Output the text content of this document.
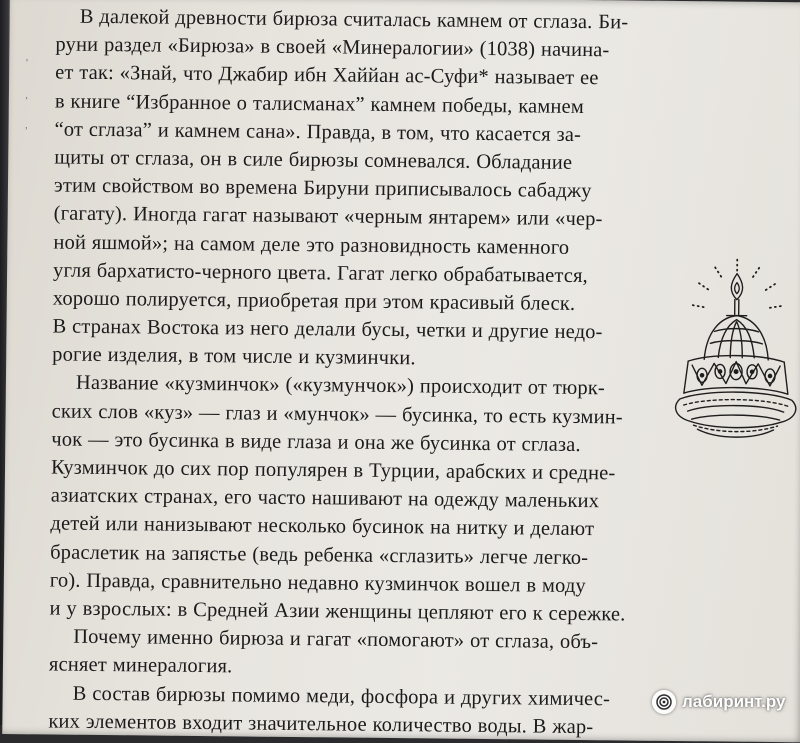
‚
‚
‚
В далекой древности бирюза считалась камнем от сглаза. Би-
руни раздел «Бирюза» в своей «Минералогии» (1038) начина-
ет так: «Знай, что Джабир ибн Хаййан ас-Суфи* называет ее
в книге “Избранное о талисманах” камнем победы, камнем
“от сглаза” и камнем сана». Правда, в том, что касается за-
щиты от сглаза, он в силе бирюзы сомневался. Обладание
этим свойством во времена Бируни приписывалось сабаджу
(гагату). Иногда гагат называют «черным янтарем» или «чер-
ной яшмой»; на самом деле это разновидность каменного
угля бархатисто-черного цвета. Гагат легко обрабатывается,
хорошо полируется, приобретая при этом красивый блеск.
В странах Востока из него делали бусы, четки и другие недо-
рогие изделия, в том числе и кузминчки.
Название «кузминчок» («кузмунчок») происходит от тюрк-
ских слов «куз» — глаз и «мунчок» — бусинка, то есть кузмин-
чок — это бусинка в виде глаза и она же бусинка от сглаза.
Кузминчок до сих пор популярен в Турции, арабских и средне-
азиатских странах, его часто нашивают на одежду маленьких
детей или нанизывают несколько бусинок на нитку и делают
браслетик на запястье (ведь ребенка «сглазить» легче легко-
го). Правда, сравнительно недавно кузминчок вошел в моду
и у взрослых: в Средней Азии женщины цепляют его к сережке.
Почему именно бирюза и гагат «помогают» от сглаза, объ-
ясняет минералогия.
В состав бирюзы помимо меди, фосфора и других химичес-
ких элементов входит значительное количество воды. В жар-
лабиринт.ру
